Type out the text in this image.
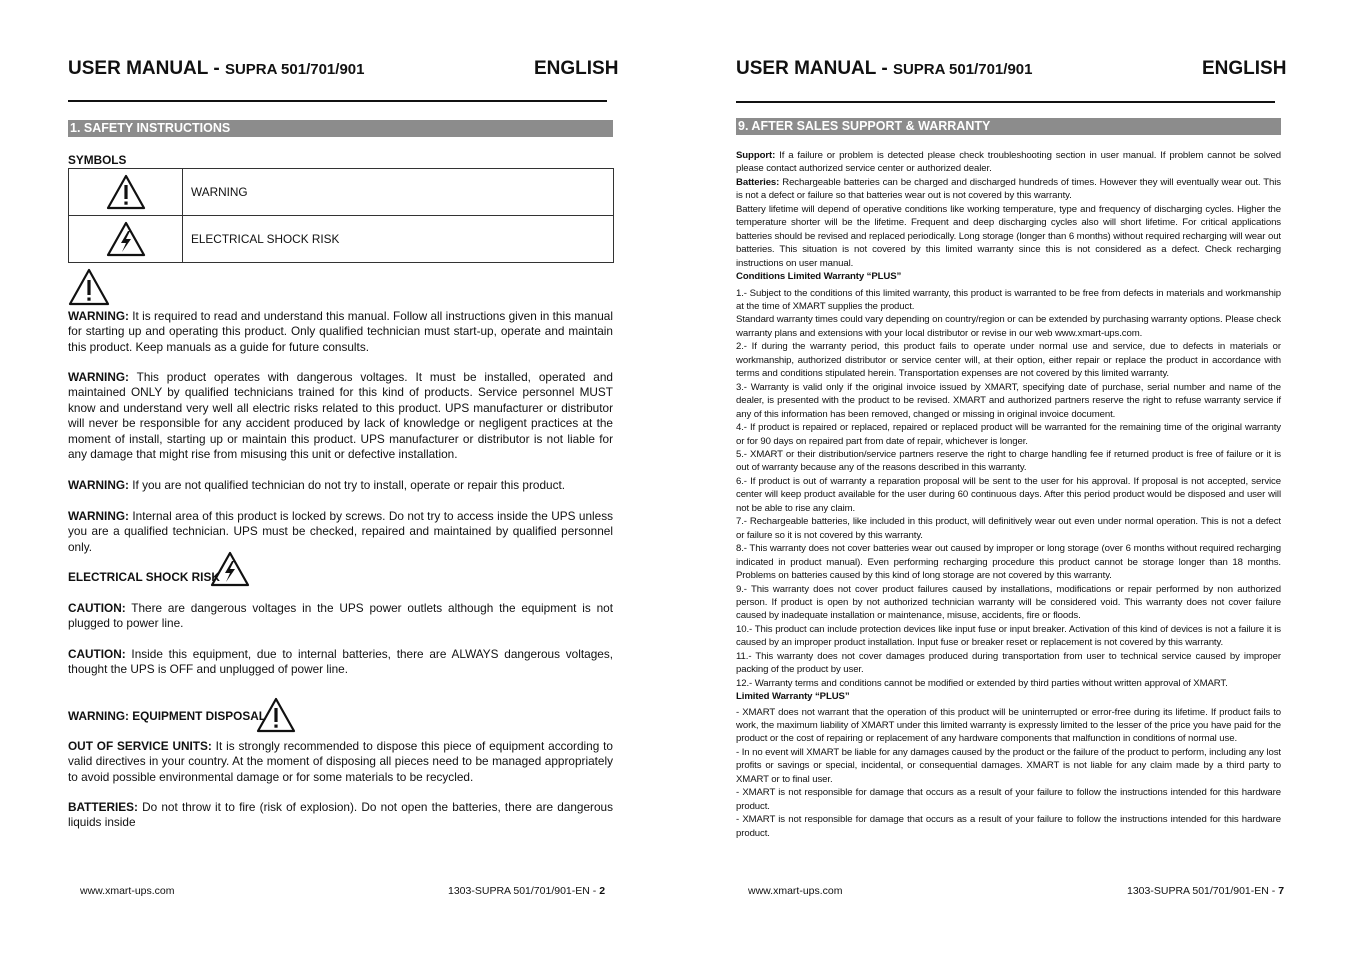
USER MANUAL - SUPRA 501/701/901	ENGLISH
1. SAFETY INSTRUCTIONS
SYMBOLS
	WARNING
	ELECTRICAL SHOCK RISK
WARNING: It is required to read and understand this manual. Follow all instructions given in this manual for starting up and operating this product. Only qualified technician must start-up, operate and maintain this product. Keep manuals as a guide for future consults.
WARNING: This product operates with dangerous voltages. It must be installed, operated and maintained ONLY by qualified technicians trained for this kind of products. Service personnel MUST know and understand very well all electric risks related to this product. UPS manufacturer or distributor will never be responsible for any accident produced by lack of knowledge or negligent practices at the moment of install, starting up or maintain this product. UPS manufacturer or distributor is not liable for any damage that might rise from misusing this unit or defective installation.
WARNING: If you are not qualified technician do not try to install, operate or repair this product.
WARNING: Internal area of this product is locked by screws. Do not try to access inside the UPS unless you are a qualified technician. UPS must be checked, repaired and maintained by qualified personnel only.
ELECTRICAL SHOCK RISK
CAUTION: There are dangerous voltages in the UPS power outlets although the equipment is not plugged to power line.
CAUTION: Inside this equipment, due to internal batteries, there are ALWAYS dangerous voltages, thought the UPS is OFF and unplugged of power line.
WARNING: EQUIPMENT DISPOSAL
OUT OF SERVICE UNITS: It is strongly recommended to dispose this piece of equipment according to valid directives in your country. At the moment of disposing all pieces need to be managed appropriately to avoid possible environmental damage or for some materials to be recycled.
BATTERIES: Do not throw it to fire (risk of explosion). Do not open the batteries, there are dangerous liquids inside
www.xmart-ups.com	1303-SUPRA 501/701/901-EN - 2
USER MANUAL - SUPRA 501/701/901	ENGLISH
9. AFTER SALES SUPPORT & WARRANTY
Support: If a failure or problem is detected please check troubleshooting section in user manual. If problem cannot be solved please contact authorized service center or authorized dealer.
Batteries: Rechargeable batteries can be charged and discharged hundreds of times. However they will eventually wear out. This is not a defect or failure so that batteries wear out is not covered by this warranty.
Battery lifetime will depend of operative conditions like working temperature, type and frequency of discharging cycles. Higher the temperature shorter will be the lifetime. Frequent and deep discharging cycles also will short lifetime. For critical applications batteries should be revised and replaced periodically. Long storage (longer than 6 months) without required recharging will wear out batteries. This situation is not covered by this limited warranty since this is not considered as a defect. Check recharging instructions on user manual.
Conditions Limited Warranty “PLUS”
1.- Subject to the conditions of this limited warranty, this product is warranted to be free from defects in materials and workmanship at the time of XMART supplies the product.
Standard warranty times could vary depending on country/region or can be extended by purchasing warranty options. Please check warranty plans and extensions with your local distributor or revise in our web www.xmart-ups.com.
2.- If during the warranty period, this product fails to operate under normal use and service, due to defects in materials or workmanship, authorized distributor or service center will, at their option, either repair or replace the product in accordance with terms and conditions stipulated herein. Transportation expenses are not covered by this limited warranty.
3.- Warranty is valid only if the original invoice issued by XMART, specifying date of purchase, serial number and name of the dealer, is presented with the product to be revised. XMART and authorized partners reserve the right to refuse warranty service if any of this information has been removed, changed or missing in original invoice document.
4.- If product is repaired or replaced, repaired or replaced product will be warranted for the remaining time of the original warranty or for 90 days on repaired part from date of repair, whichever is longer.
5.- XMART or their distribution/service partners reserve the right to charge handling fee if returned product is free of failure or it is out of warranty because any of the reasons described in this warranty.
6.- If product is out of warranty a reparation proposal will be sent to the user for his approval. If proposal is not accepted, service center will keep product available for the user during 60 continuous days. After this period product would be disposed and user will not be able to rise any claim.
7.- Rechargeable batteries, like included in this product, will definitively wear out even under normal operation. This is not a defect or failure so it is not covered by this warranty.
8.- This warranty does not cover batteries wear out caused by improper or long storage (over 6 months without required recharging indicated in product manual). Even performing recharging procedure this product cannot be storage longer than 18 months. Problems on batteries caused by this kind of long storage are not covered by this warranty.
9.- This warranty does not cover product failures caused by installations, modifications or repair performed by non authorized person. If product is open by not authorized technician warranty will be considered void. This warranty does not cover failure caused by inadequate installation or maintenance, misuse, accidents, fire or floods.
10.- This product can include protection devices like input fuse or input breaker. Activation of this kind of devices is not a failure it is caused by an improper product installation. Input fuse or breaker reset or replacement is not covered by this warranty.
11.- This warranty does not cover damages produced during transportation from user to technical service caused by improper packing of the product by user.
12.- Warranty terms and conditions cannot be modified or extended by third parties without written approval of XMART.
Limited Warranty “PLUS”
- XMART does not warrant that the operation of this product will be uninterrupted or error-free during its lifetime. If product fails to work, the maximum liability of XMART under this limited warranty is expressly limited to the lesser of the price you have paid for the product or the cost of repairing or replacement of any hardware components that malfunction in conditions of normal use.
- In no event will XMART be liable for any damages caused by the product or the failure of the product to perform, including any lost profits or savings or special, incidental, or consequential damages. XMART is not liable for any claim made by a third party to XMART or to final user.
- XMART is not responsible for damage that occurs as a result of your failure to follow the instructions intended for this hardware product.
- XMART is not responsible for damage that occurs as a result of your failure to follow the instructions intended for this hardware product.
www.xmart-ups.com	1303-SUPRA 501/701/901-EN - 7
